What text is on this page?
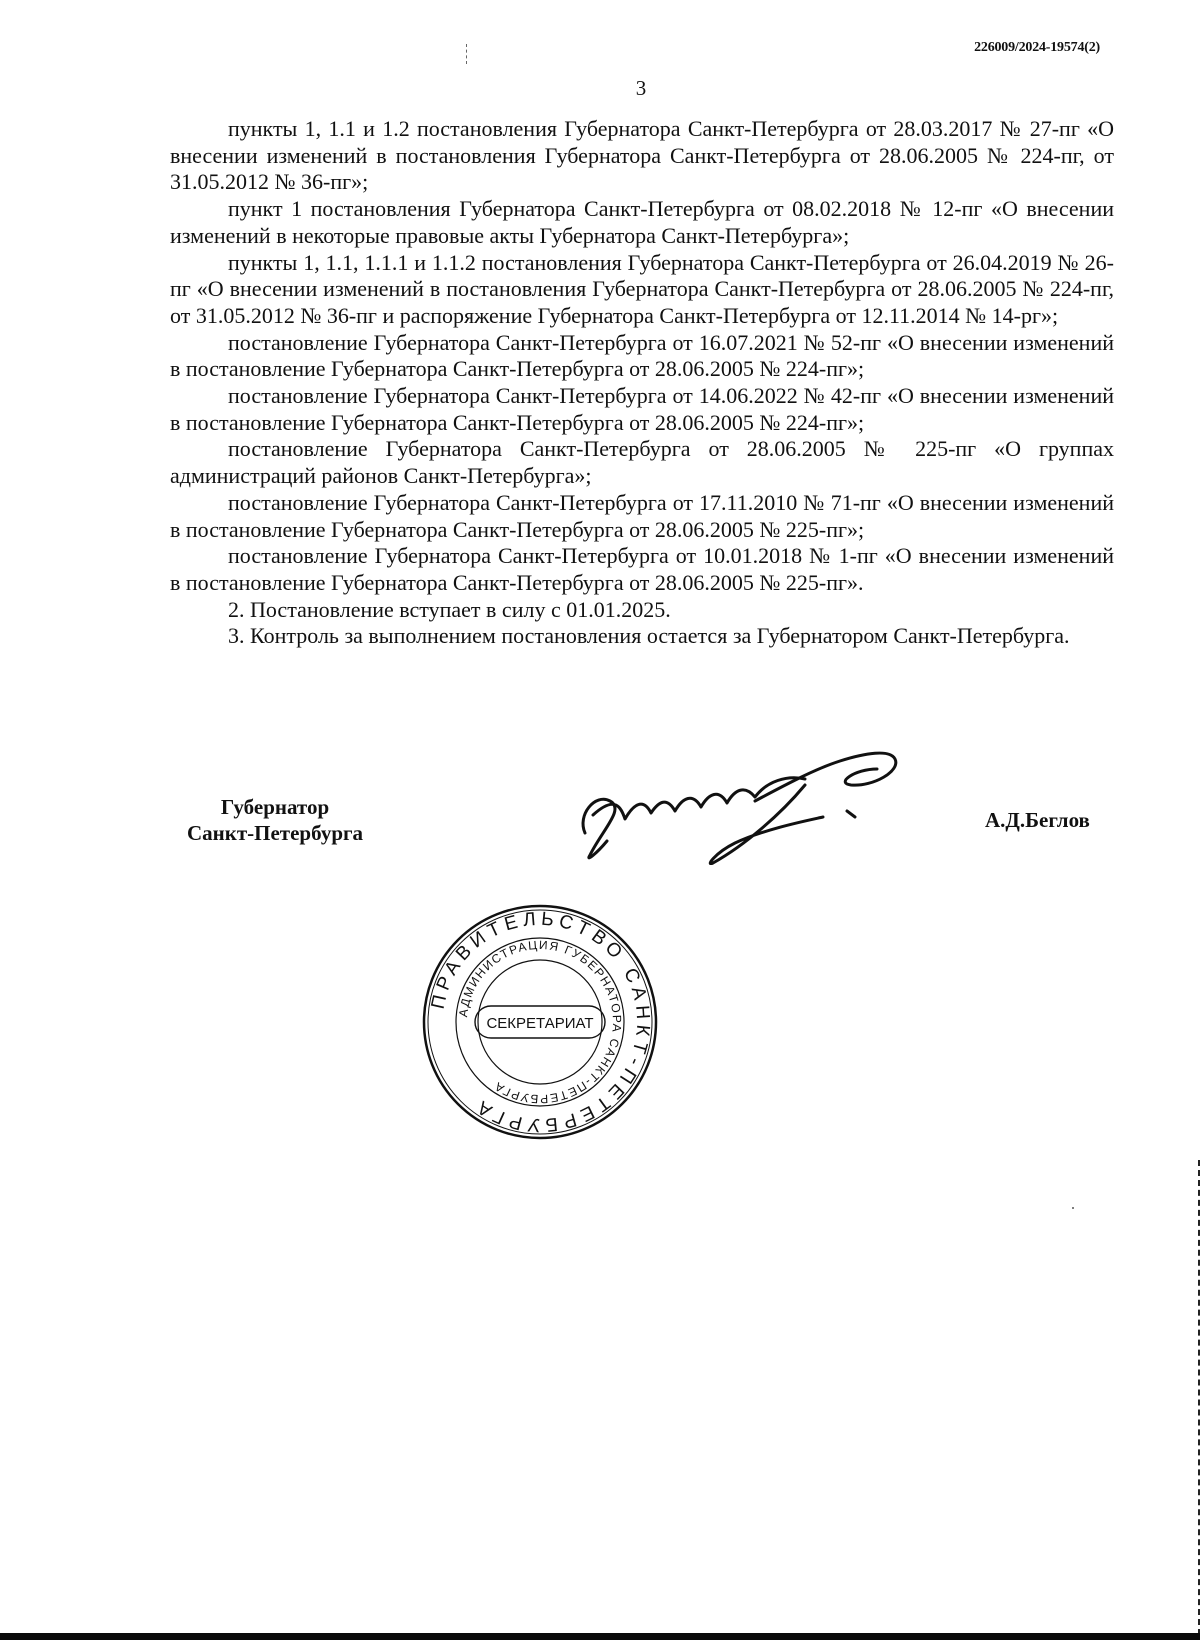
226009/2024-19574(2)
3

пункты 1, 1.1 и 1.2 постановления Губернатора Санкт-Петербурга от 28.03.2017 № 27-пг «О внесении изменений в постановления Губернатора Санкт-Петербурга от 28.06.2005 № 224-пг, от 31.05.2012 № 36-пг»;

пункт 1 постановления Губернатора Санкт-Петербурга от 08.02.2018 № 12-пг «О внесении изменений в некоторые правовые акты Губернатора Санкт-Петербурга»;

пункты 1, 1.1, 1.1.1 и 1.1.2 постановления Губернатора Санкт-Петербурга от 26.04.2019 № 26-пг «О внесении изменений в постановления Губернатора Санкт-Петербурга от 28.06.2005 № 224-пг, от 31.05.2012 № 36-пг и распоряжение Губернатора Санкт-Петербурга от 12.11.2014 № 14-рг»;

постановление Губернатора Санкт-Петербурга от 16.07.2021 № 52-пг «О внесении изменений в постановление Губернатора Санкт-Петербурга от 28.06.2005 № 224-пг»;

постановление Губернатора Санкт-Петербурга от 14.06.2022 № 42-пг «О внесении изменений в постановление Губернатора Санкт-Петербурга от 28.06.2005 № 224-пг»;

постановление Губернатора Санкт-Петербурга от 28.06.2005 № 225-пг «О группах администраций районов Санкт-Петербурга»;

постановление Губернатора Санкт-Петербурга от 17.11.2010 № 71-пг «О внесении изменений в постановление Губернатора Санкт-Петербурга от 28.06.2005 № 225-пг»;

постановление Губернатора Санкт-Петербурга от 10.01.2018 № 1-пг «О внесении изменений в постановление Губернатора Санкт-Петербурга от 28.06.2005 № 225-пг».

2. Постановление вступает в силу с 01.01.2025.

3. Контроль за выполнением постановления остается за Губернатором Санкт-Петербурга.

Губернатор
Санкт-Петербурга
А.Д.Беглов
ПРАВИТЕЛЬСТВО САНКТ-ПЕТЕРБУРГА
АДМИНИСТРАЦИЯ ГУБЕРНАТОРА САНКТ-ПЕТЕРБУРГА
СЕКРЕТАРИАТ
